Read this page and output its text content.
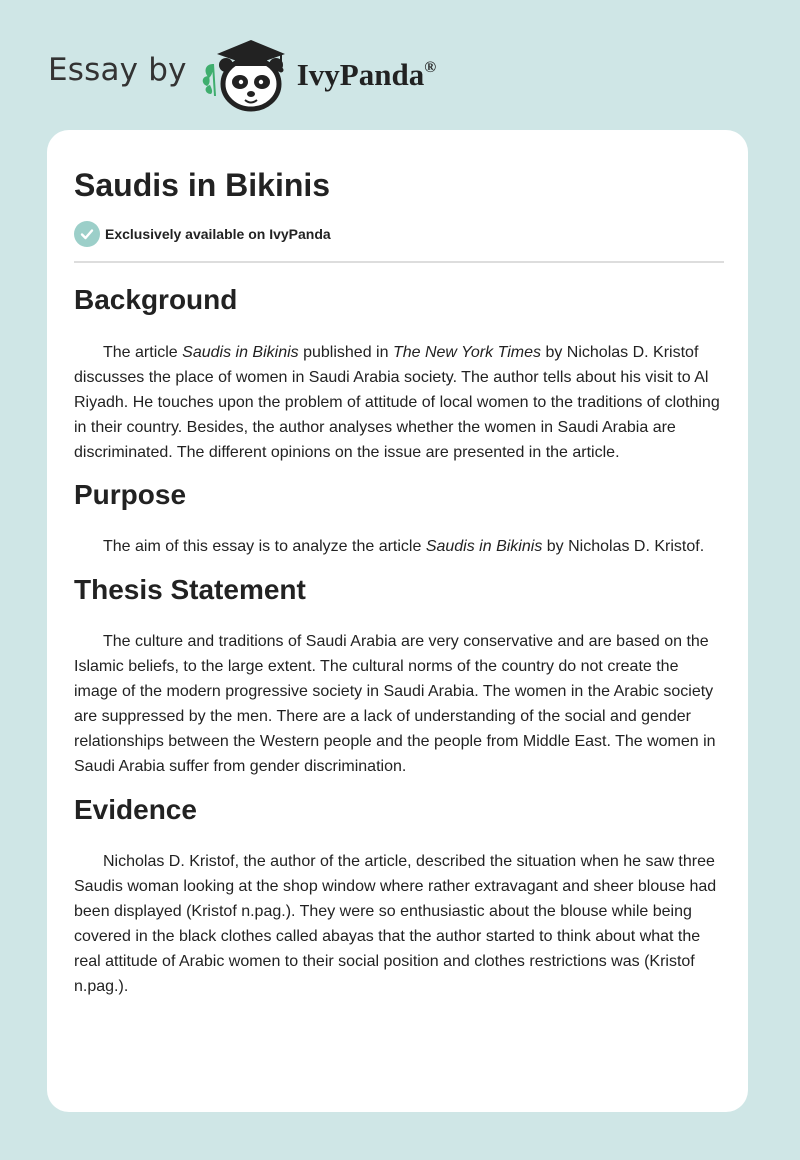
Essay by	IvyPanda®
Saudis in Bikinis
Exclusively available on IvyPanda
Background

The article Saudis in Bikinis published in The New York Times by Nicholas D. Kristof discusses the place of women in Saudi Arabia society. The author tells about his visit to Al Riyadh. He touches upon the problem of attitude of local women to the traditions of clothing in their country. Besides, the author analyses whether the women in Saudi Arabia are discriminated. The different opinions on the issue are presented in the article.

Purpose

The aim of this essay is to analyze the article Saudis in Bikinis by Nicholas D. Kristof.

Thesis Statement

The culture and traditions of Saudi Arabia are very conservative and are based on the Islamic beliefs, to the large extent. The cultural norms of the country do not create the image of the modern progressive society in Saudi Arabia. The women in the Arabic society are suppressed by the men. There are a lack of understanding of the social and gender relationships between the Western people and the people from Middle East. The women in Saudi Arabia suffer from gender discrimination.

Evidence

Nicholas D. Kristof, the author of the article, described the situation when he saw three Saudis woman looking at the shop window where rather extravagant and sheer blouse had been displayed (Kristof n.pag.). They were so enthusiastic about the blouse while being covered in the black clothes called abayas that the author started to think about what the real attitude of Arabic women to their social position and clothes restrictions was (Kristof n.pag.).
